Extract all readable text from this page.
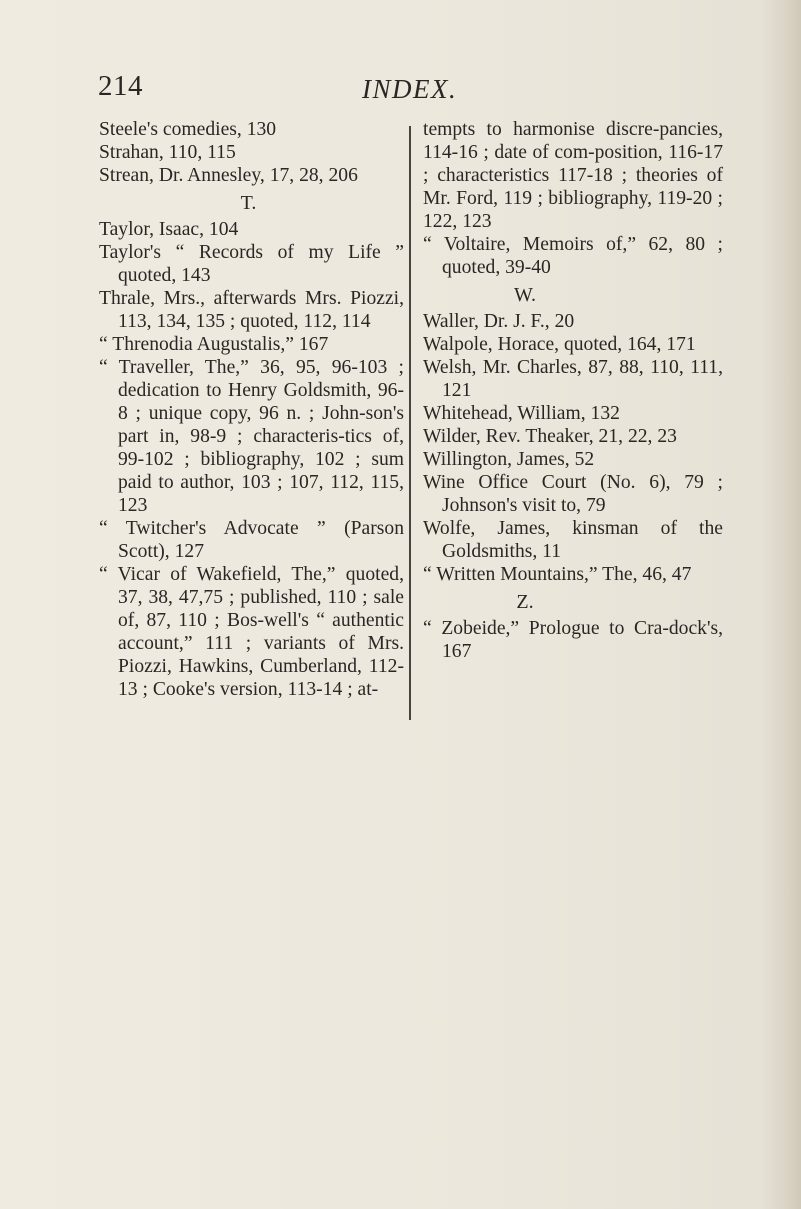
214	INDEX.

Steele's comedies, 130

Strahan, 110, 115

Strean, Dr. Annesley, 17, 28, 206

T.

Taylor, Isaac, 104

Taylor's “ Records of my Life ” quoted, 143

Thrale, Mrs., afterwards Mrs. Piozzi, 113, 134, 135 ; quoted, 112, 114

“ Threnodia Augustalis,” 167

“ Traveller, The,” 36, 95, 96-103 ; dedication to Henry Goldsmith, 96-8 ; unique copy, 96 n. ; John-son's part in, 98-9 ; characteris-tics of, 99-102 ; bibliography, 102 ; sum paid to author, 103 ; 107, 112, 115, 123

“ Twitcher's Advocate ” (Parson Scott), 127

“ Vicar of Wakefield, The,” quoted, 37, 38, 47,75 ; published, 110 ; sale of, 87, 110 ; Bos-well's “ authentic account,” 111 ; variants of Mrs. Piozzi, Hawkins, Cumberland, 112-13 ; Cooke's version, 113-14 ; at-

tempts to harmonise discre-pancies, 114-16 ; date of com-position, 116-17 ; characteristics 117-18 ; theories of Mr. Ford, 119 ; bibliography, 119-20 ; 122, 123

“ Voltaire, Memoirs of,” 62, 80 ; quoted, 39-40

W.

Waller, Dr. J. F., 20

Walpole, Horace, quoted, 164, 171

Welsh, Mr. Charles, 87, 88, 110, 111, 121

Whitehead, William, 132

Wilder, Rev. Theaker, 21, 22, 23

Willington, James, 52

Wine Office Court (No. 6), 79 ; Johnson's visit to, 79

Wolfe, James, kinsman of the Goldsmiths, 11

“ Written Mountains,” The, 46, 47

Z.

“ Zobeide,” Prologue to Cra-dock's, 167
